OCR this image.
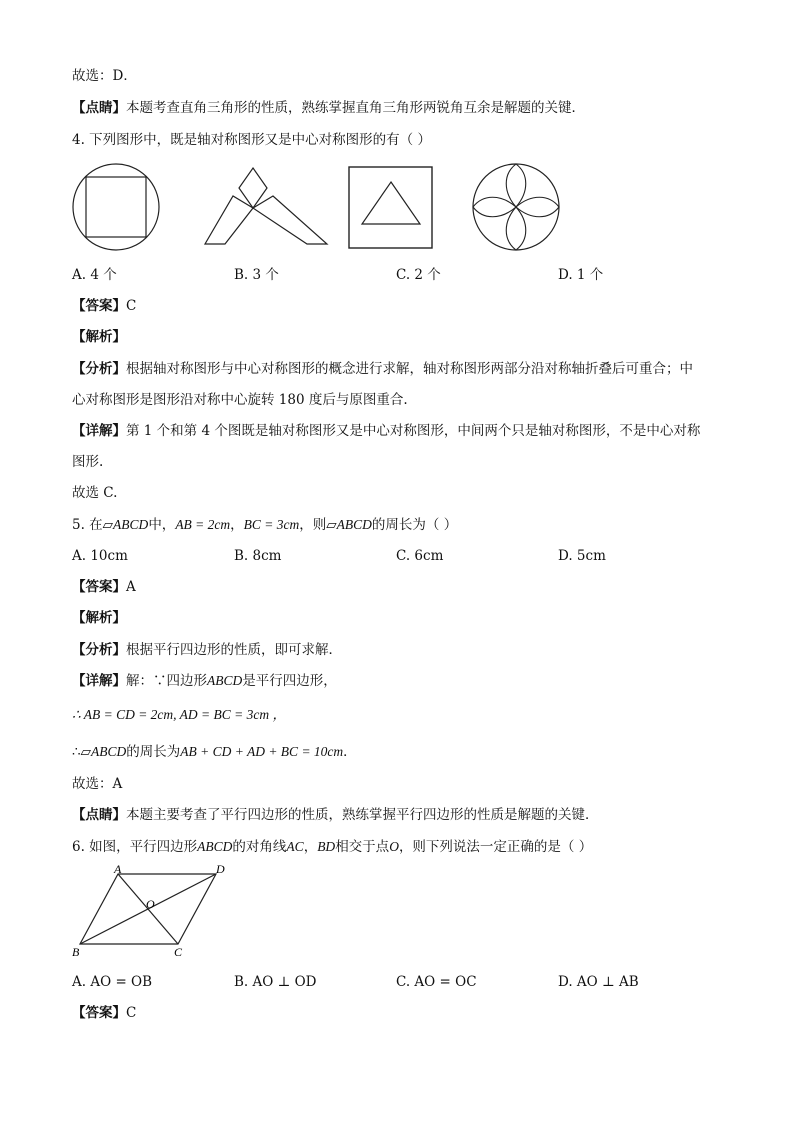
故选：D．
【点睛】本题考查直角三角形的性质，熟练掌握直角三角形两锐角互余是解题的关键．
4. 下列图形中，既是轴对称图形又是中心对称图形的有（ ）
A. 4 个	B. 3 个	C. 2 个	D. 1 个
【答案】C
【解析】
【分析】根据轴对称图形与中心对称图形的概念进行求解，轴对称图形两部分沿对称轴折叠后可重合；中
心对称图形是图形沿对称中心旋转 180 度后与原图重合.
【详解】第 1 个和第 4 个图既是轴对称图形又是中心对称图形，中间两个只是轴对称图形，不是中心对称
图形.
故选 C.
5. 在▱ABCD中，AB = 2cm，BC = 3cm，则▱ABCD的周长为（ ）
A. 10cm	B. 8cm	C. 6cm	D. 5cm
【答案】A
【解析】
【分析】根据平行四边形的性质，即可求解．
【详解】解：∵四边形ABCD是平行四边形，
∴ AB = CD = 2cm, AD = BC = 3cm ，
∴▱ABCD的周长为AB + CD + AD + BC = 10cm．
故选：A
【点睛】本题主要考查了平行四边形的性质，熟练掌握平行四边形的性质是解题的关键．
6. 如图，平行四边形ABCD的对角线AC，BD相交于点O，则下列说法一定正确的是（ ）
A	D
B	C
O
A. AO = OB	B. AO ⊥ OD	C. AO = OC	D. AO ⊥ AB
【答案】C
